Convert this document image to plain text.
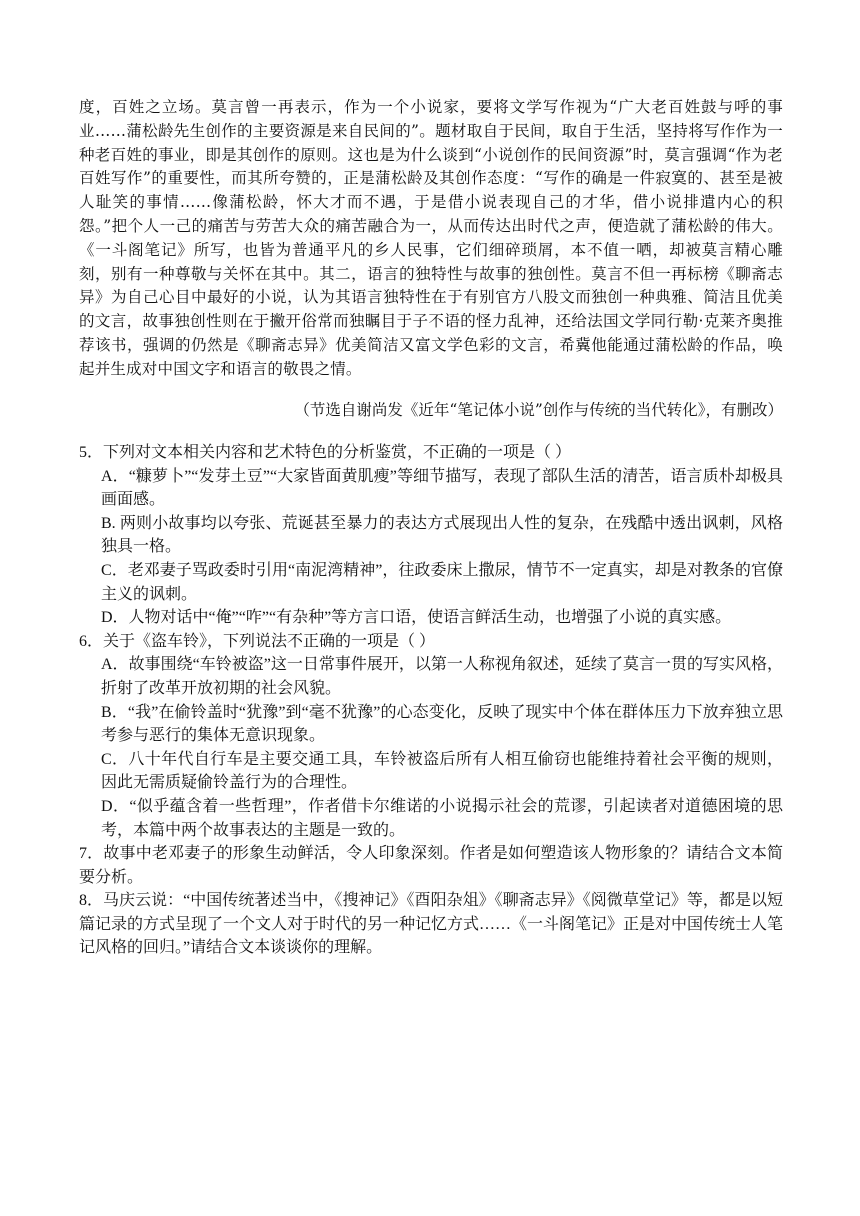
度，百姓之立场。莫言曾一再表示，作为一个小说家，要将文学写作视为“广大老百姓鼓与呼的事业……蒲松龄先生创作的主要资源是来自民间的”。题材取自于民间，取自于生活，坚持将写作作为一种老百姓的事业，即是其创作的原则。这也是为什么谈到“小说创作的民间资源”时，莫言强调“作为老百姓写作”的重要性，而其所夸赞的，正是蒲松龄及其创作态度：“写作的确是一件寂寞的、甚至是被人耻笑的事情……像蒲松龄，怀大才而不遇，于是借小说表现自己的才华，借小说排遣内心的积怨。”把个人一己的痛苦与劳苦大众的痛苦融合为一，从而传达出时代之声，便造就了蒲松龄的伟大。《一斗阁笔记》所写，也皆为普通平凡的乡人民事，它们细碎琐屑，本不值一哂，却被莫言精心雕刻，别有一种尊敬与关怀在其中。其二，语言的独特性与故事的独创性。莫言不但一再标榜《聊斋志异》为自己心目中最好的小说，认为其语言独特性在于有别官方八股文而独创一种典雅、简洁且优美的文言，故事独创性则在于撇开俗常而独瞩目于子不语的怪力乱神，还给法国文学同行勒·克莱齐奥推荐该书，强调的仍然是《聊斋志异》优美简洁又富文学色彩的文言，希冀他能通过蒲松龄的作品，唤起并生成对中国文字和语言的敬畏之情。

（节选自谢尚发《近年“笔记体小说”创作与传统的当代转化》，有删改）
5．下列对文本相关内容和艺术特色的分析鉴赏，不正确的一项是（ ）
A．“糠萝卜”“发芽土豆”“大家皆面黄肌瘦”等细节描写，表现了部队生活的清苦，语言质朴却极具画面感。
B. 两则小故事均以夸张、荒诞甚至暴力的表达方式展现出人性的复杂，在残酷中透出讽刺，风格独具一格。
C．老邓妻子骂政委时引用“南泥湾精神”，往政委床上撒尿，情节不一定真实，却是对教条的官僚主义的讽刺。
D．人物对话中“俺”“咋”“有杂种”等方言口语，使语言鲜活生动，也增强了小说的真实感。
6．关于《盗车铃》，下列说法不正确的一项是（ ）
A．故事围绕“车铃被盗”这一日常事件展开，以第一人称视角叙述，延续了莫言一贯的写实风格，折射了改革开放初期的社会风貌。
B．“我”在偷铃盖时“犹豫”到“毫不犹豫”的心态变化，反映了现实中个体在群体压力下放弃独立思考参与恶行的集体无意识现象。
C．八十年代自行车是主要交通工具，车铃被盗后所有人相互偷窃也能维持着社会平衡的规则，因此无需质疑偷铃盖行为的合理性。
D．“似乎蕴含着一些哲理”，作者借卡尔维诺的小说揭示社会的荒谬，引起读者对道德困境的思考，本篇中两个故事表达的主题是一致的。
7．故事中老邓妻子的形象生动鲜活，令人印象深刻。作者是如何塑造该人物形象的？请结合文本简要分析。
8．马庆云说：“中国传统著述当中，《搜神记》《酉阳杂俎》《聊斋志异》《阅微草堂记》等，都是以短篇记录的方式呈现了一个文人对于时代的另一种记忆方式……《一斗阁笔记》正是对中国传统士人笔记风格的回归。”请结合文本谈谈你的理解。
